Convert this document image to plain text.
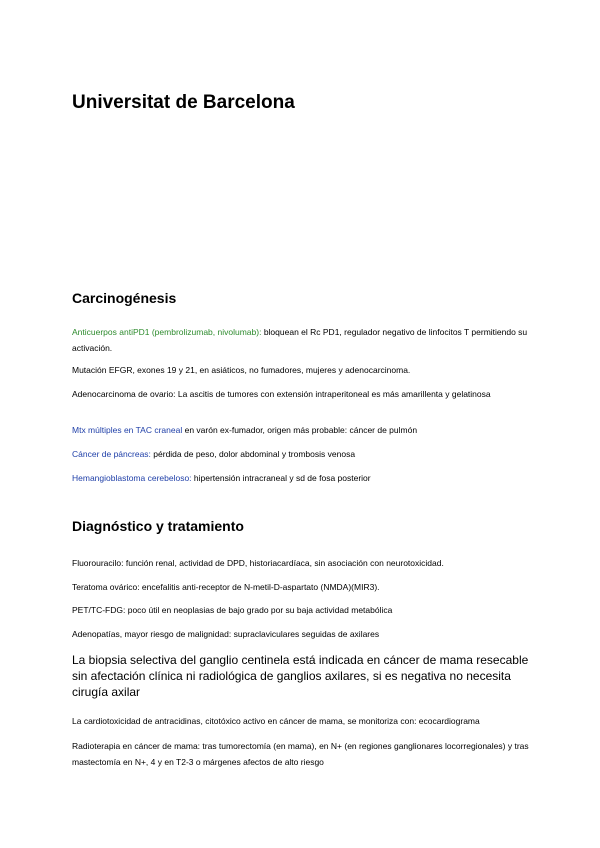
Universitat de Barcelona
Carcinogénesis

Anticuerpos antiPD1 (pembrolizumab, nivolumab): bloquean el Rc PD1, regulador negativo de linfocitos T permitiendo su activación.

Mutación EFGR, exones 19 y 21, en asiáticos, no fumadores, mujeres y adenocarcinoma.

Adenocarcinoma de ovario: La ascitis de tumores con extensión intraperitoneal es más amarillenta y gelatinosa

Mtx múltiples en TAC craneal en varón ex-fumador, origen más probable: cáncer de pulmón

Cáncer de páncreas: pérdida de peso, dolor abdominal y trombosis venosa

Hemangioblastoma cerebeloso: hipertensión intracraneal y sd de fosa posterior

Diagnóstico y tratamiento

Fluorouracilo: función renal, actividad de DPD, historiacardíaca, sin asociación con neurotoxicidad.

Teratoma ovárico: encefalitis anti-receptor de N-metil-D-aspartato (NMDA)(MIR3).

PET/TC-FDG: poco útil en neoplasias de bajo grado por su baja actividad metabólica

Adenopatías, mayor riesgo de malignidad: supraclaviculares seguidas de axilares

La biopsia selectiva del ganglio centinela está indicada en cáncer de mama resecable sin afectación clínica ni radiológica de ganglios axilares, si es negativa no necesita cirugía axilar

La cardiotoxicidad de antracidinas, citotóxico activo en cáncer de mama, se monitoriza con: ecocardiograma

Radioterapia en cáncer de mama: tras tumorectomía (en mama), en N+ (en regiones ganglionares locorregionales) y tras mastectomía en N+, 4 y en T2-3 o márgenes afectos de alto riesgo
